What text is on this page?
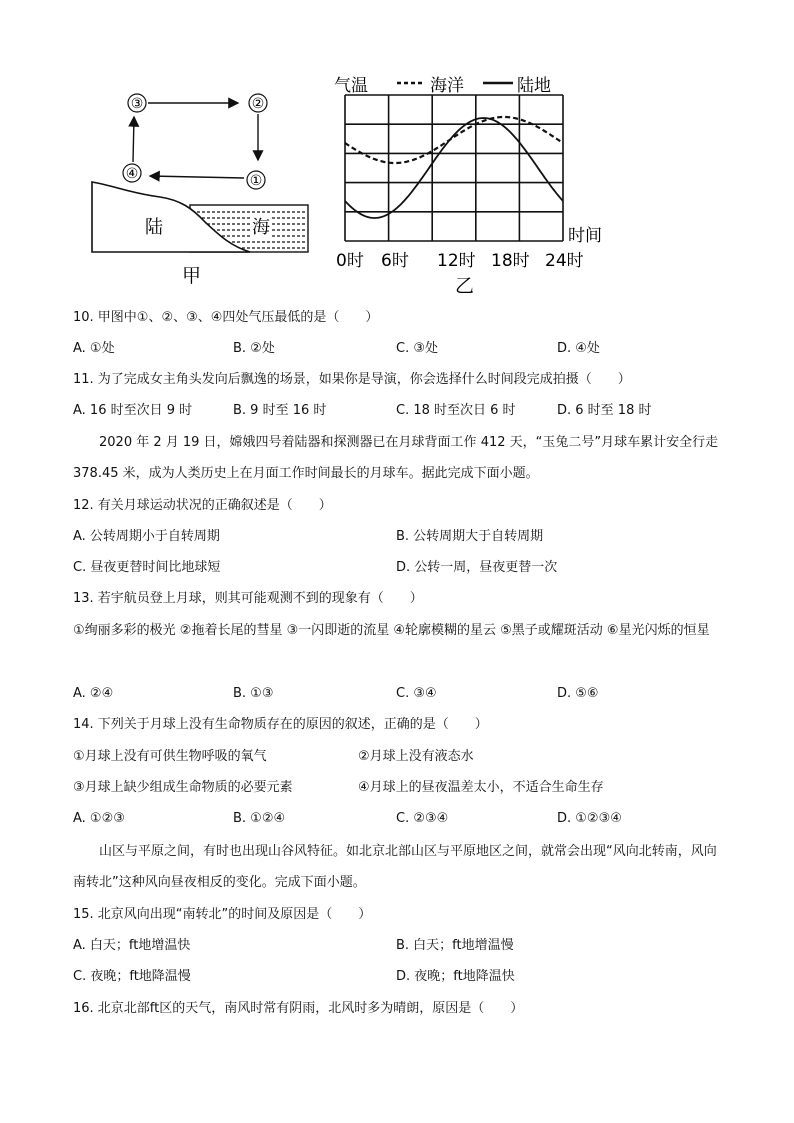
③	②
④	①
陆	海
甲
气温	海洋	陆地
时间
0时 6时 12时 18时 24时
乙
10. 甲图中①、②、③、④四处气压最低的是（　　）
A. ①处	B. ②处	C. ③处	D. ④处
11. 为了完成女主角头发向后飘逸的场景，如果你是导演，你会选择什么时间段完成拍摄（　　）
A. 16 时至次日 9 时	B. 9 时至 16 时	C. 18 时至次日 6 时	D. 6 时至 18 时
　　2020 年 2 月 19 日，嫦娥四号着陆器和探测器已在月球背面工作 412 天，“玉兔二号”月球车累计安全行走 378.45 米，成为人类历史上在月面工作时间最长的月球车。据此完成下面小题。
12. 有关月球运动状况的正确叙述是（　　）
A. 公转周期小于自转周期	B. 公转周期大于自转周期
C. 昼夜更替时间比地球短	D. 公转一周，昼夜更替一次
13. 若宇航员登上月球，则其可能观测不到的现象有（　　）
①绚丽多彩的极光 ②拖着长尾的彗星 ③一闪即逝的流星 ④轮廓模糊的星云 ⑤黑子或耀斑活动 ⑥星光闪烁的恒星
A. ②④	B. ①③	C. ③④	D. ⑤⑥
14. 下列关于月球上没有生命物质存在的原因的叙述，正确的是（　　）
①月球上没有可供生物呼吸的氧气	②月球上没有液态水
③月球上缺少组成生命物质的必要元素	④月球上的昼夜温差太小，不适合生命生存
A. ①②③	B. ①②④	C. ②③④	D. ①②③④
　　山区与平原之间，有时也出现山谷风特征。如北京北部山区与平原地区之间，就常会出现“风向北转南，风向南转北”这种风向昼夜相反的变化。完成下面小题。
15. 北京风向出现“南转北”的时间及原因是（　　）
A. 白天；ft地增温快	B. 白天；ft地增温慢
C. 夜晚；ft地降温慢	D. 夜晚；ft地降温快
16. 北京北部ft区的天气，南风时常有阴雨，北风时多为晴朗，原因是（　　）
